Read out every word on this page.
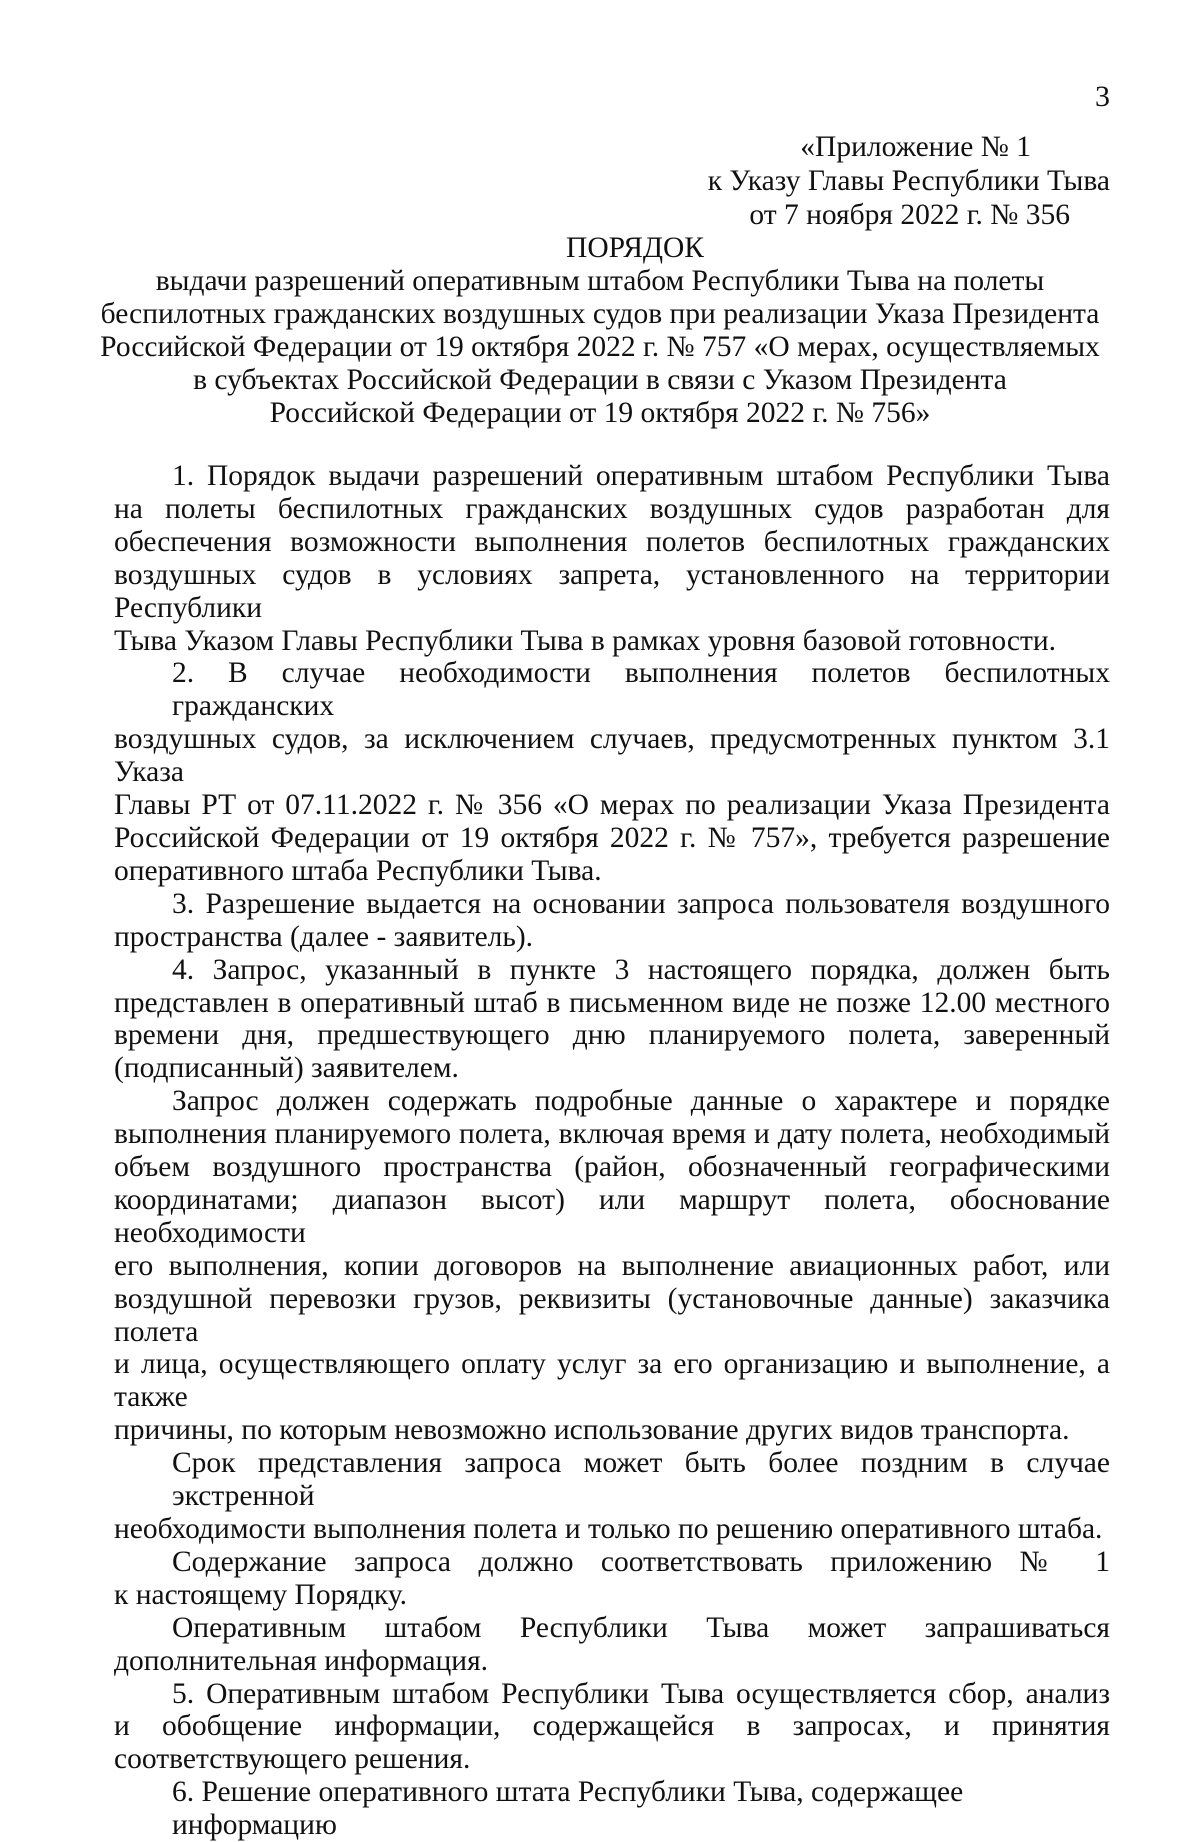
3
«Приложение № 1
к Указу Главы Республики Тыва
от 7 ноября 2022 г. № 356
ПОРЯДОК
выдачи разрешений оперативным штабом Республики Тыва на полеты
беспилотных гражданских воздушных судов при реализации Указа Президента
Российской Федерации от 19 октября 2022 г. № 757 «О мерах, осуществляемых
в субъектах Российской Федерации в связи с Указом Президента
Российской Федерации от 19 октября 2022 г. № 756»

1. Порядок выдачи разрешений оперативным штабом Республики Тыва
на полеты беспилотных гражданских воздушных судов разработан для
обеспечения возможности выполнения полетов беспилотных гражданских
воздушных судов в условиях запрета, установленного на территории Республики
Тыва Указом Главы Республики Тыва в рамках уровня базовой готовности.

2. В случае необходимости выполнения полетов беспилотных гражданских
воздушных судов, за исключением случаев, предусмотренных пунктом 3.1 Указа
Главы РТ от 07.11.2022 г. № 356 «О мерах по реализации Указа Президента
Российской Федерации от 19 октября 2022 г. № 757», требуется разрешение
оперативного штаба Республики Тыва.

3. Разрешение выдается на основании запроса пользователя воздушного
пространства (далее - заявитель).

4. Запрос, указанный в пункте 3 настоящего порядка, должен быть
представлен в оперативный штаб в письменном виде не позже 12.00 местного
времени дня, предшествующего дню планируемого полета, заверенный
(подписанный) заявителем.

Запрос должен содержать подробные данные о характере и порядке
выполнения планируемого полета, включая время и дату полета, необходимый
объем воздушного пространства (район, обозначенный географическими
координатами; диапазон высот) или маршрут полета, обоснование необходимости
его выполнения, копии договоров на выполнение авиационных работ, или
воздушной перевозки грузов, реквизиты (установочные данные) заказчика полета
и лица, осуществляющего оплату услуг за его организацию и выполнение, а также
причины, по которым невозможно использование других видов транспорта.

Срок представления запроса может быть более поздним в случае экстренной
необходимости выполнения полета и только по решению оперативного штаба.

Содержание запроса должно соответствовать приложению № 1
к настоящему Порядку.

Оперативным штабом Республики Тыва может запрашиваться
дополнительная информация.

5. Оперативным штабом Республики Тыва осуществляется сбор, анализ
и обобщение информации, содержащейся в запросах, и принятия
соответствующего решения.

6. Решение оперативного штата Республики Тыва, содержащее информацию
